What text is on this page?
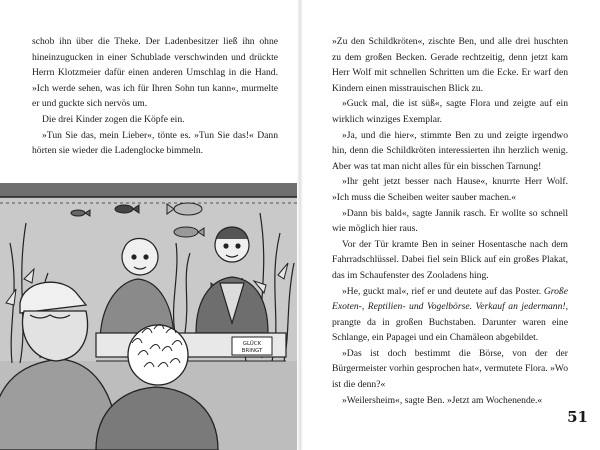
schob ihn über die Theke. Der Ladenbesitzer ließ ihn ohne hineinzugucken in einer Schublade verschwinden und drückte Herrn Klotzmeier dafür einen anderen Umschlag in die Hand. »Ich werde sehen, was ich für Ihren Sohn tun kann«, murmelte er und guckte sich nervös um.

Die drei Kinder zogen die Köpfe ein.

»Tun Sie das, mein Lieber«, tönte es. »Tun Sie das!« Dann hörten sie wieder die Ladenglocke bimmeln.

GLÜCK
BRINGT

»Zu den Schildkröten«, zischte Ben, und alle drei huschten zu dem großen Becken. Gerade rechtzeitig, denn jetzt kam Herr Wolf mit schnellen Schritten um die Ecke. Er warf den Kindern einen misstrauischen Blick zu.

»Guck mal, die ist süß«, sagte Flora und zeigte auf ein wirklich winziges Exemplar.

»Ja, und die hier«, stimmte Ben zu und zeigte irgendwo hin, denn die Schildkröten interessierten ihn herzlich wenig. Aber was tat man nicht alles für ein bisschen Tarnung!

»Ihr geht jetzt besser nach Hause«, knurrte Herr Wolf. »Ich muss die Scheiben weiter sauber machen.«

»Dann bis bald«, sagte Jannik rasch. Er wollte so schnell wie möglich hier raus.

Vor der Tür kramte Ben in seiner Hosentasche nach dem Fahrradschlüssel. Dabei fiel sein Blick auf ein großes Plakat, das im Schaufenster des Zooladens hing.

»He, guckt mal«, rief er und deutete auf das Poster. Große Exoten-, Reptilien- und Vogelbörse. Verkauf an jedermann!, prangte da in großen Buchstaben. Darunter waren eine Schlange, ein Papagei und ein Chamäleon abgebildet.

»Das ist doch bestimmt die Börse, von der der Bürgermeister vorhin gesprochen hat«, vermutete Flora. »Wo ist die denn?«

»Weilersheim«, sagte Ben. »Jetzt am Wochenende.«

51
